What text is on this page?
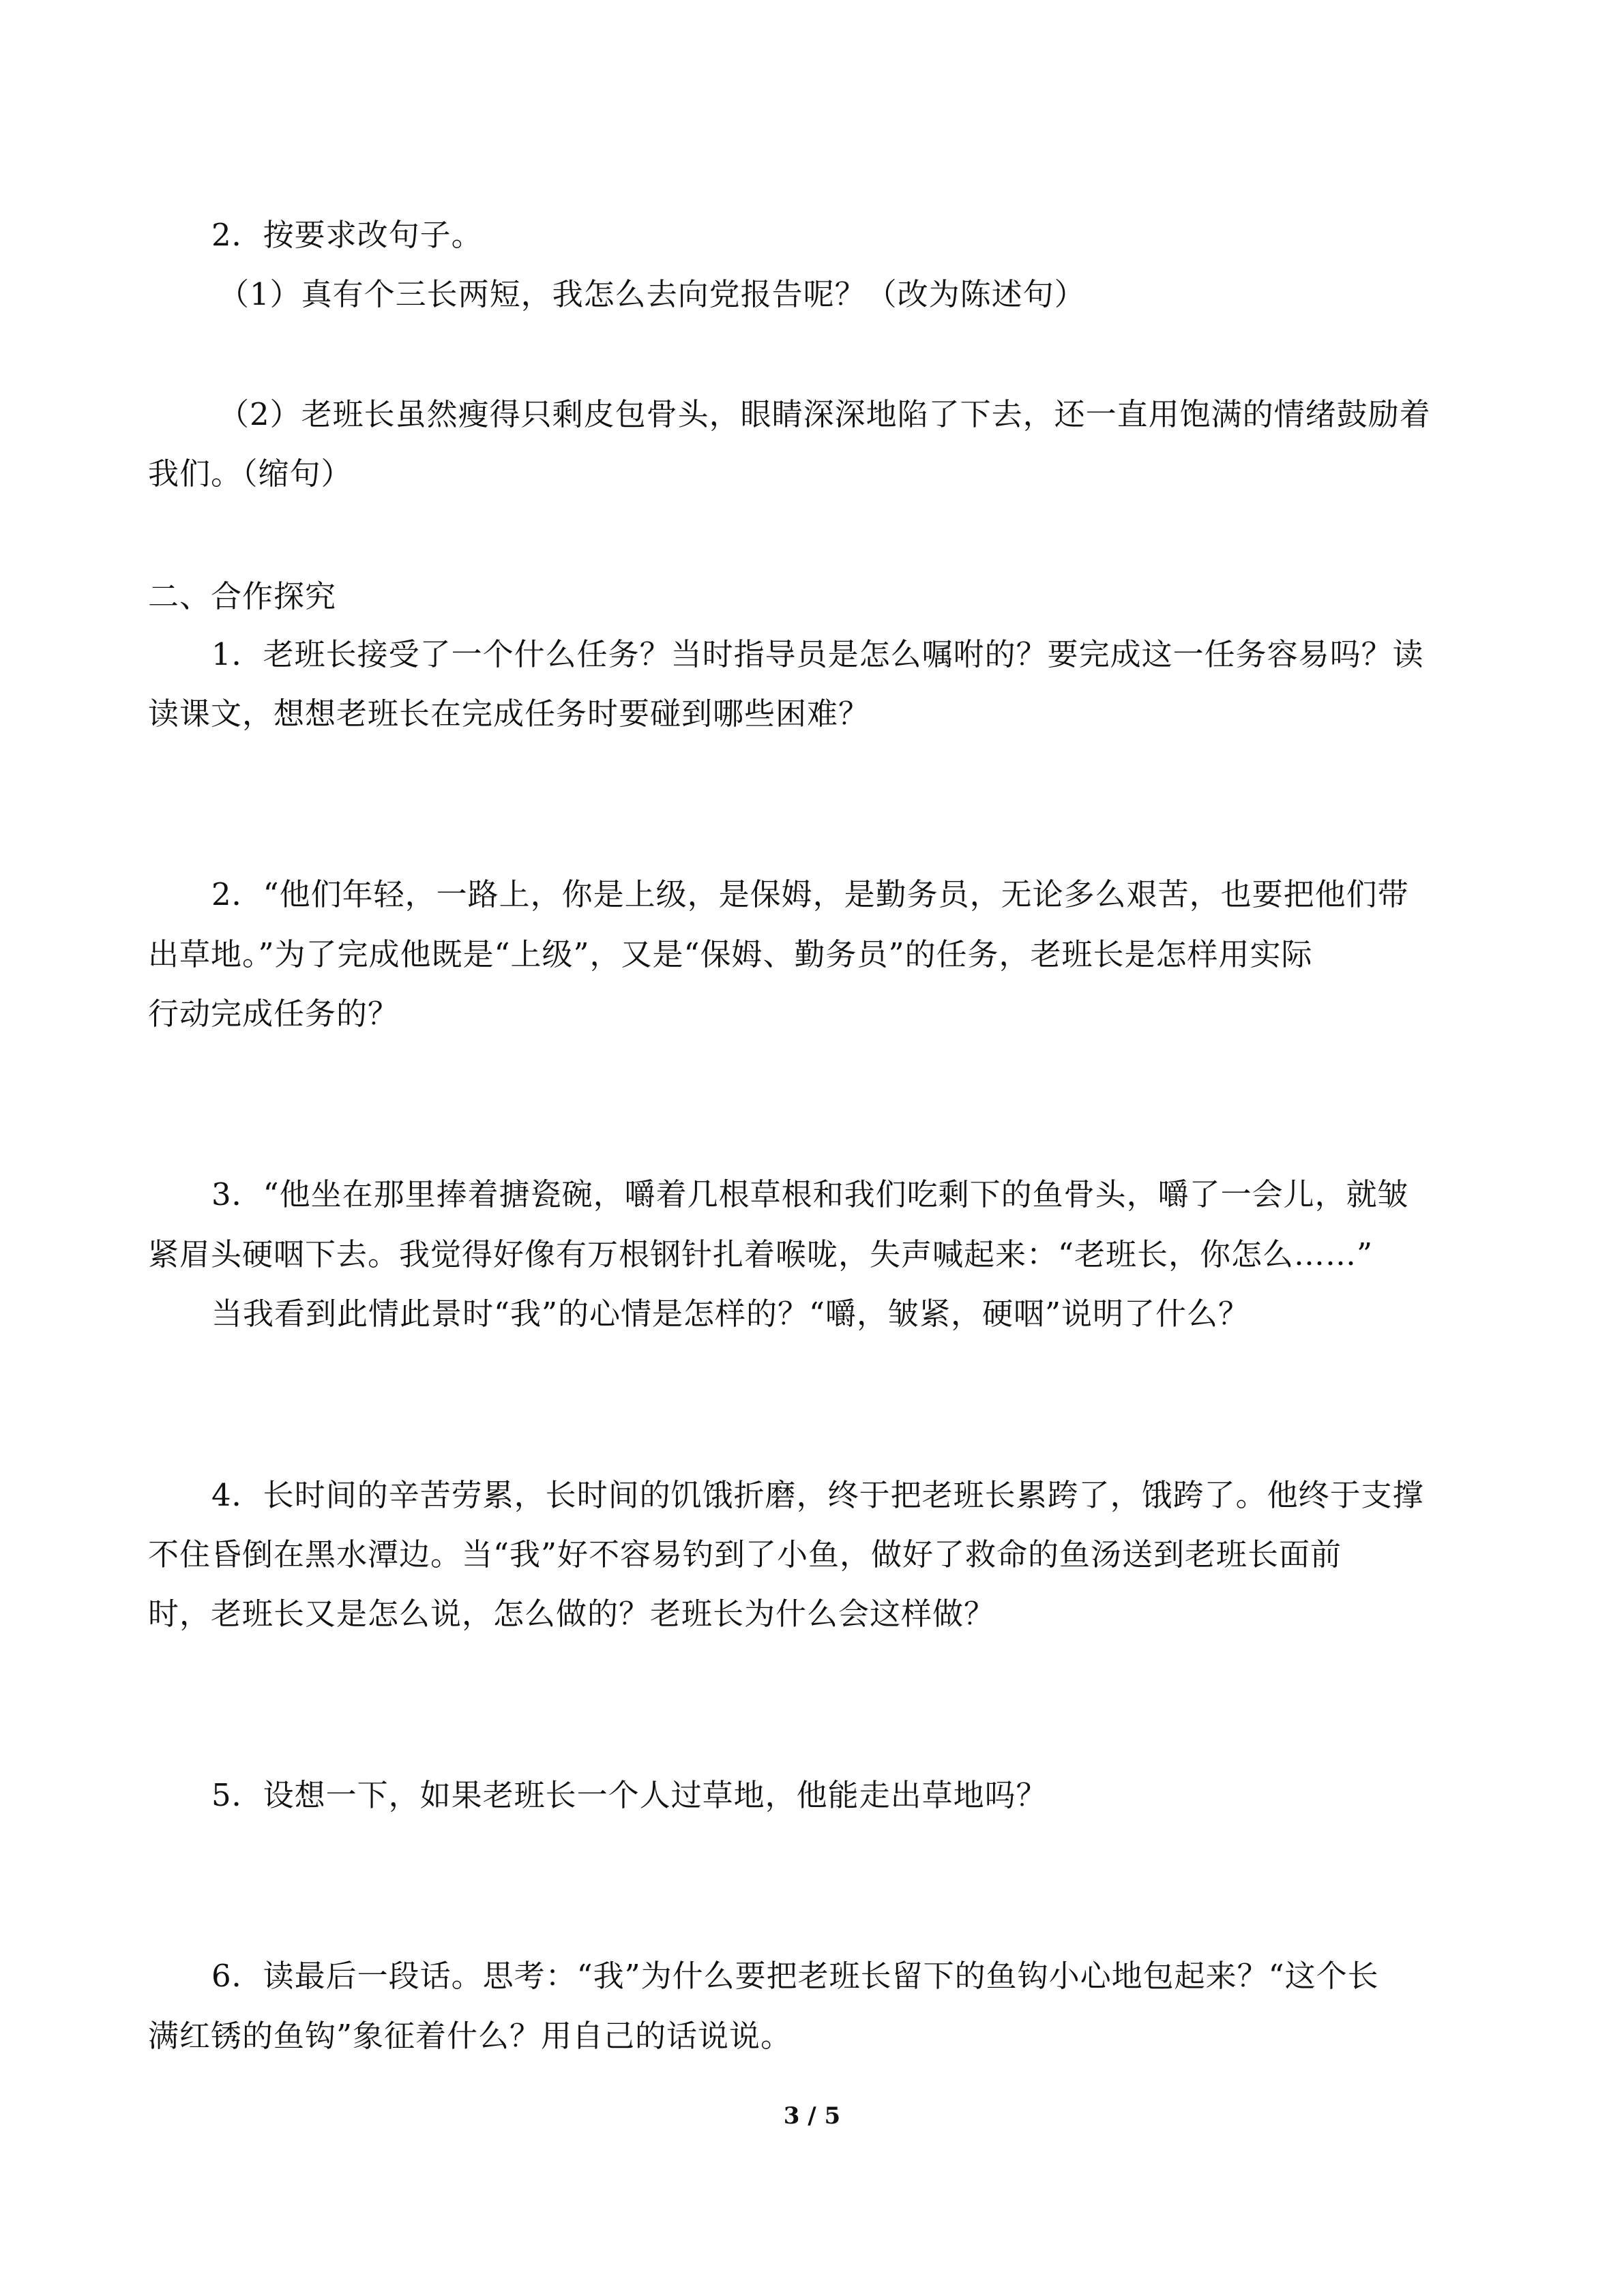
2．按要求改句子。
（1）真有个三长两短，我怎么去向党报告呢？（改为陈述句）
（2）老班长虽然瘦得只剩皮包骨头，眼睛深深地陷了下去，还一直用饱满的情绪鼓励着
我们。（缩句）
二、合作探究
1．老班长接受了一个什么任务？当时指导员是怎么嘱咐的？要完成这一任务容易吗？读
读课文，想想老班长在完成任务时要碰到哪些困难？
2．“他们年轻，一路上，你是上级，是保姆，是勤务员，无论多么艰苦，也要把他们带
出草地。”为了完成他既是“上级”，又是“保姆、勤务员”的任务，老班长是怎样用实际
行动完成任务的？
3．“他坐在那里捧着搪瓷碗，嚼着几根草根和我们吃剩下的鱼骨头，嚼了一会儿，就皱
紧眉头硬咽下去。我觉得好像有万根钢针扎着喉咙，失声喊起来：“老班长，你怎么……”
当我看到此情此景时“我”的心情是怎样的？“嚼，皱紧，硬咽”说明了什么？
4．长时间的辛苦劳累，长时间的饥饿折磨，终于把老班长累跨了，饿跨了。他终于支撑
不住昏倒在黑水潭边。当“我”好不容易钓到了小鱼，做好了救命的鱼汤送到老班长面前
时，老班长又是怎么说，怎么做的？老班长为什么会这样做？
5．设想一下，如果老班长一个人过草地，他能走出草地吗？
6．读最后一段话。思考：“我”为什么要把老班长留下的鱼钩小心地包起来？“这个长
满红锈的鱼钩”象征着什么？用自己的话说说。
3 / 5
